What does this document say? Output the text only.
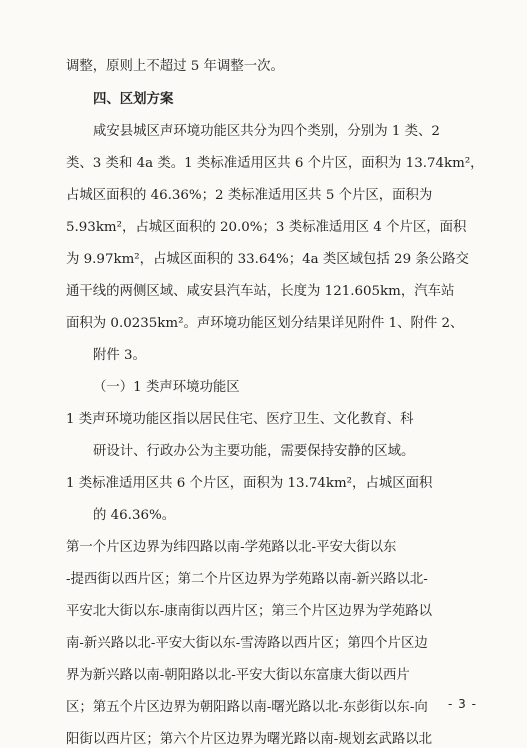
调整，原则上不超过 5 年调整一次。
四、区划方案
咸安县城区声环境功能区共分为四个类别，分别为 1 类、2
类、3 类和 4a 类。1 类标准适用区共 6 个片区，面积为 13.74km²，
占城区面积的 46.36%；2 类标准适用区共 5 个片区，面积为
5.93km²，占城区面积的 20.0%；3 类标准适用区 4 个片区，面积
为 9.97km²，占城区面积的 33.64%；4a 类区域包括 29 条公路交
通干线的两侧区域、咸安县汽车站，长度为 121.605km，汽车站
面积为 0.0235km²。声环境功能区划分结果详见附件 1、附件 2、
附件 3。
（一）1 类声环境功能区
1 类声环境功能区指以居民住宅、医疗卫生、文化教育、科
研设计、行政办公为主要功能，需要保持安静的区域。
1 类标准适用区共 6 个片区，面积为 13.74km²，占城区面积
的 46.36%。
第一个片区边界为纬四路以南-学苑路以北-平安大街以东
-提西街以西片区；第二个片区边界为学苑路以南-新兴路以北-
平安北大街以东-康南街以西片区；第三个片区边界为学苑路以
南-新兴路以北-平安大街以东-雪涛路以西片区；第四个片区边
界为新兴路以南-朝阳路以北-平安大街以东富康大街以西片
区；第五个片区边界为朝阳路以南-曙光路以北-东彭街以东-向
阳街以西片区；第六个片区边界为曙光路以南-规划玄武路以北
- 3 -
